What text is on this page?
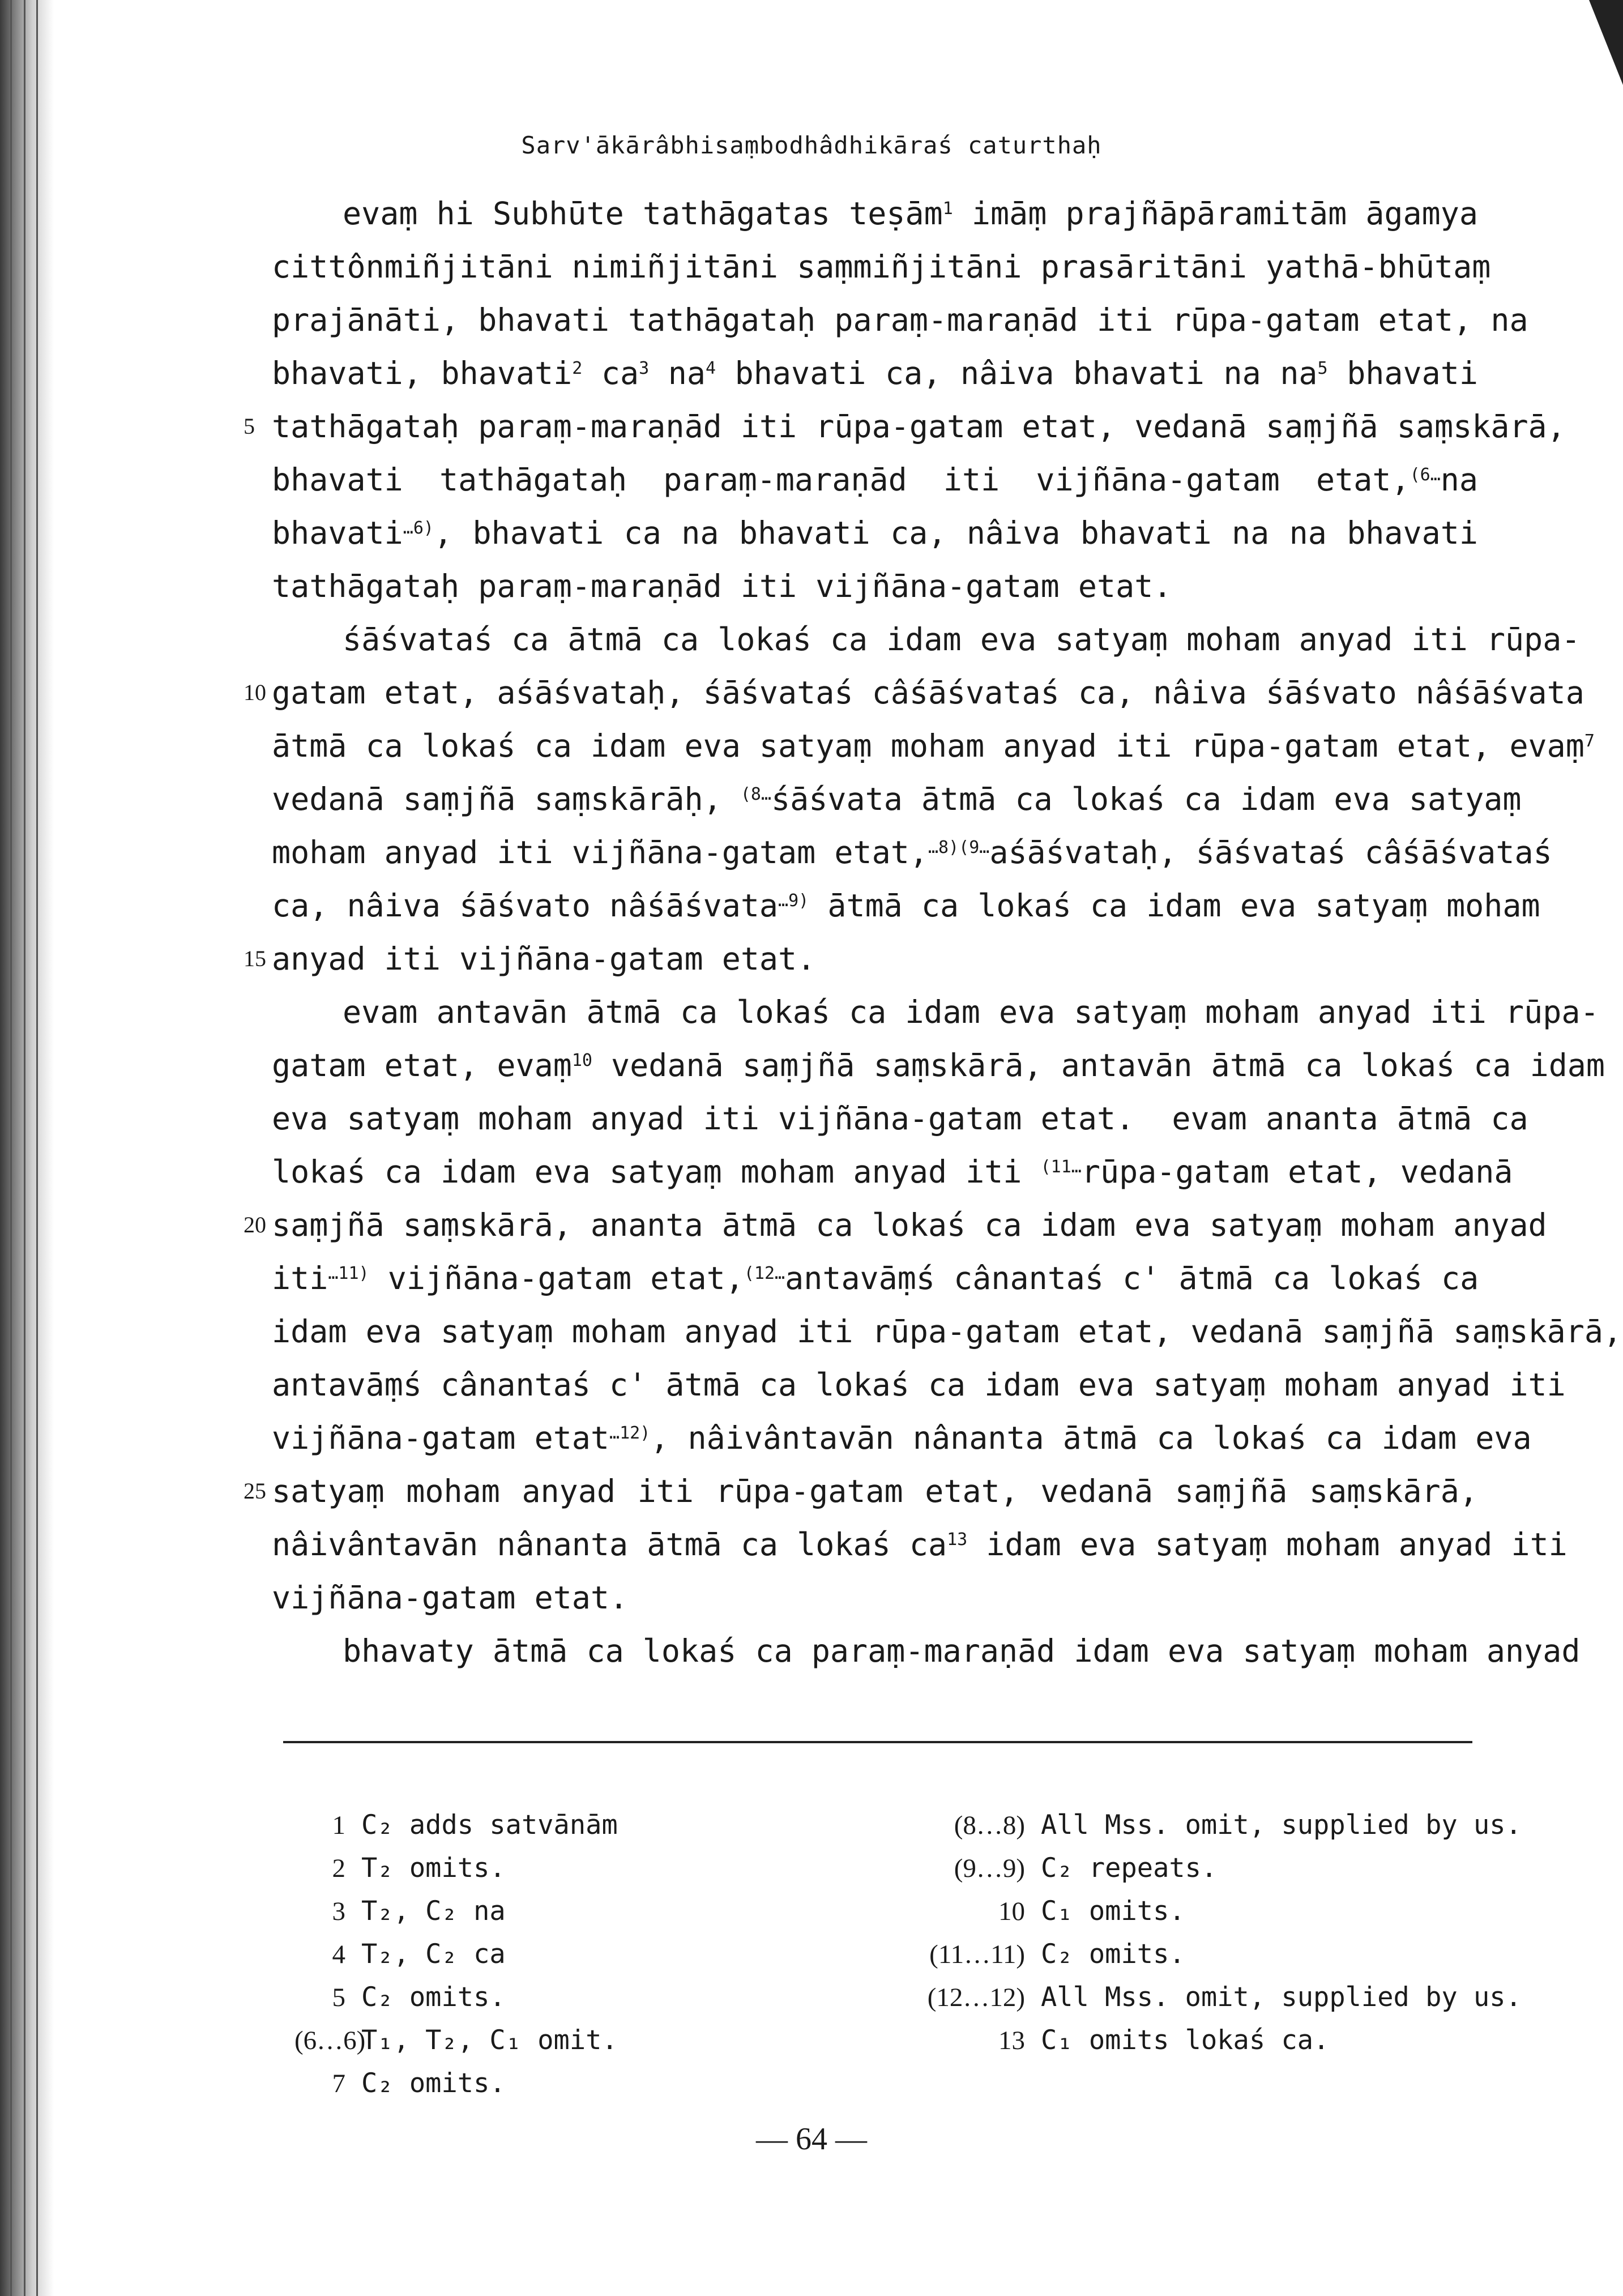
Sarv'ākārâbhisaṃbodhâdhikāraś caturthaḥ
evaṃ hi Subhūte tathāgatas teṣām$^1$ imāṃ prajñāpāramitām āgamya
cittônmiñjitāni nimiñjitāni saṃmiñjitāni prasāritāni yathā-bhūtaṃ
prajānāti, bhavati tathāgataḥ paraṃ-maraṇād iti rūpa-gatam etat, na
bhavati, bhavati$^2$ $ca^3$ $na^4$ bhavati ca, nâiva bhavati na $na^5$ bhavati
5 tathāgataḥ paraṃ-maraṇād iti rūpa-gatam etat, vedanā saṃjñā saṃskārā,
bhavati tathāgataḥ paraṃ-maraṇād iti vijñāna-gatam etat,$^{(6\dots}$na
bhavati$^{\dots 6)}$, bhavati ca na bhavati ca, nâiva bhavati na na bhavati
tathāgataḥ paraṃ-maraṇād iti vijñāna-gatam etat.
śāśvataś ca ātmā ca lokaś ca idam eva satyaṃ moham anyad iti rūpa-
10 gatam etat, aśāśvataḥ, śāśvataś câśāśvataś ca, nâiva śāśvato nâśāśvata
ātmā ca lokaś ca idam eva satyaṃ moham anyad iti rūpa-gatam etat, evaṃ$^7$
vedanā saṃjñā saṃskārāḥ, $^{(8\dots}$śāśvata ātmā ca lokaś ca idam eva satyaṃ
moham anyad iti vijñāna-gatam etat,$^{\dots 8)(9\dots}$aśāśvataḥ, śāśvataś câśāśvataś
ca, nâiva śāśvato nâśāśvata$^{\dots 9)}$ ātmā ca lokaś ca idam eva satyaṃ moham
15 anyad iti vijñāna-gatam etat.
evam antavān ātmā ca lokaś ca idam eva satyaṃ moham anyad iti rūpa-
gatam etat, evaṃ$^{10}$ vedanā saṃjñā saṃskārā, antavān ātmā ca lokaś ca idam
eva satyaṃ moham anyad iti vijñāna-gatam etat.  evam ananta ātmā ca
lokaś ca idam eva satyaṃ moham anyad iti $^{(11\dots}$rūpa-gatam etat, vedanā
20 saṃjñā saṃskārā, ananta ātmā ca lokaś ca idam eva satyaṃ moham anyad
iti$^{\dots 11)}$ vijñāna-gatam etat,$^{(12\dots}$antavāṃś cânantaś c' ātmā ca lokaś ca
idam eva satyaṃ moham anyad iti rūpa-gatam etat, vedanā saṃjñā saṃskārā,
antavāṃś cânantaś c' ātmā ca lokaś ca idam eva satyaṃ moham anyad iti
vijñāna-gatam etat$^{\dots 12)}$, nâivântavān nânanta ātmā ca lokaś ca idam eva
25 satyaṃ moham anyad iti rūpa-gatam etat, vedanā saṃjñā saṃskārā,
nâivântavān nânanta ātmā ca lokaś $ca^{13}$ idam eva satyaṃ moham anyad iti
vijñāna-gatam etat.
bhavaty ātmā ca lokaś ca paraṃ-maraṇād idam eva satyaṃ moham anyad
1 C₂ adds satvānām
2 T₂ omits.
3 T₂, C₂ na
4 T₂, C₂ ca
5 C₂ omits.
(6…6)T₁, T₂, C₁ omit.
7 C₂ omits.
(8…8) All Mss. omit, supplied by us.
(9…9) C₂ repeats.
10 C₁ omits.
(11…11) C₂ omits.
(12…12) All Mss. omit, supplied by us.
13 C₁ omits lokaś ca.
— 64 —
